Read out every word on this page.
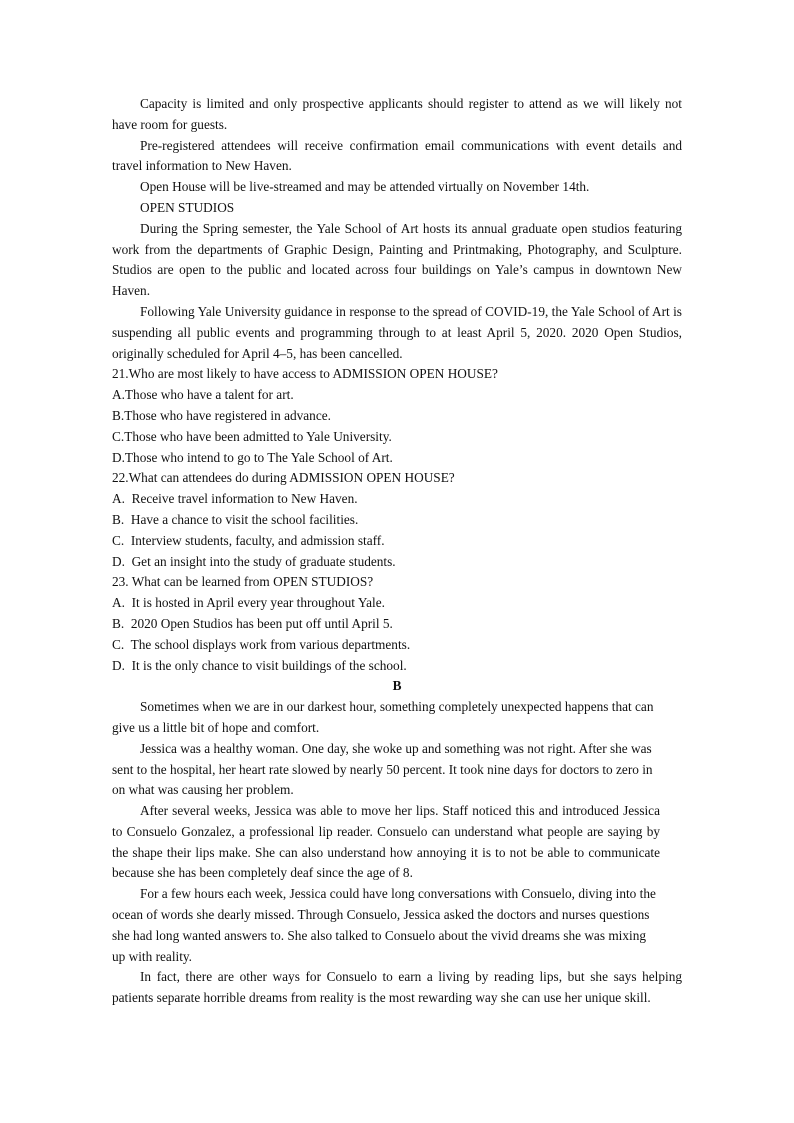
Capacity is limited and only prospective applicants should register to attend as we will likely not have room for guests.

Pre-registered attendees will receive confirmation email communications with event details and travel information to New Haven.

Open House will be live-streamed and may be attended virtually on November 14th.

OPEN STUDIOS

During the Spring semester, the Yale School of Art hosts its annual graduate open studios featuring work from the departments of Graphic Design, Painting and Printmaking, Photography, and Sculpture. Studios are open to the public and located across four buildings on Yale’s campus in downtown New Haven.

Following Yale University guidance in response to the spread of COVID-19, the Yale School of Art is suspending all public events and programming through to at least April 5, 2020. 2020 Open Studios, originally scheduled for April 4–5, has been cancelled.

21.Who are most likely to have access to ADMISSION OPEN HOUSE?

A.Those who have a talent for art.

B.Those who have registered in advance.

C.Those who have been admitted to Yale University.

D.Those who intend to go to The Yale School of Art.

22.What can attendees do during ADMISSION OPEN HOUSE?

A.  Receive travel information to New Haven.

B.  Have a chance to visit the school facilities.

C.  Interview students, faculty, and admission staff.

D.  Get an insight into the study of graduate students.

23. What can be learned from OPEN STUDIOS?

A.  It is hosted in April every year throughout Yale.

B.  2020 Open Studios has been put off until April 5.

C.  The school displays work from various departments.

D.  It is the only chance to visit buildings of the school.

B

Sometimes when we are in our darkest hour, something completely unexpected happens that can give us a little bit of hope and comfort.

Jessica was a healthy woman. One day, she woke up and something was not right. After she was sent to the hospital, her heart rate slowed by nearly 50 percent. It took nine days for doctors to zero in on what was causing her problem.

After several weeks, Jessica was able to move her lips. Staff noticed this and introduced Jessica to Consuelo Gonzalez, a professional lip reader. Consuelo can understand what people are saying by the shape their lips make. She can also understand how annoying it is to not be able to communicate because she has been completely deaf since the age of 8.

For a few hours each week, Jessica could have long conversations with Consuelo, diving into the ocean of words she dearly missed. Through Consuelo, Jessica asked the doctors and nurses questions she had long wanted answers to. She also talked to Consuelo about the vivid dreams she was mixing up with reality.

In fact, there are other ways for Consuelo to earn a living by reading lips, but she says helping patients separate horrible dreams from reality is the most rewarding way she can use her unique skill.
